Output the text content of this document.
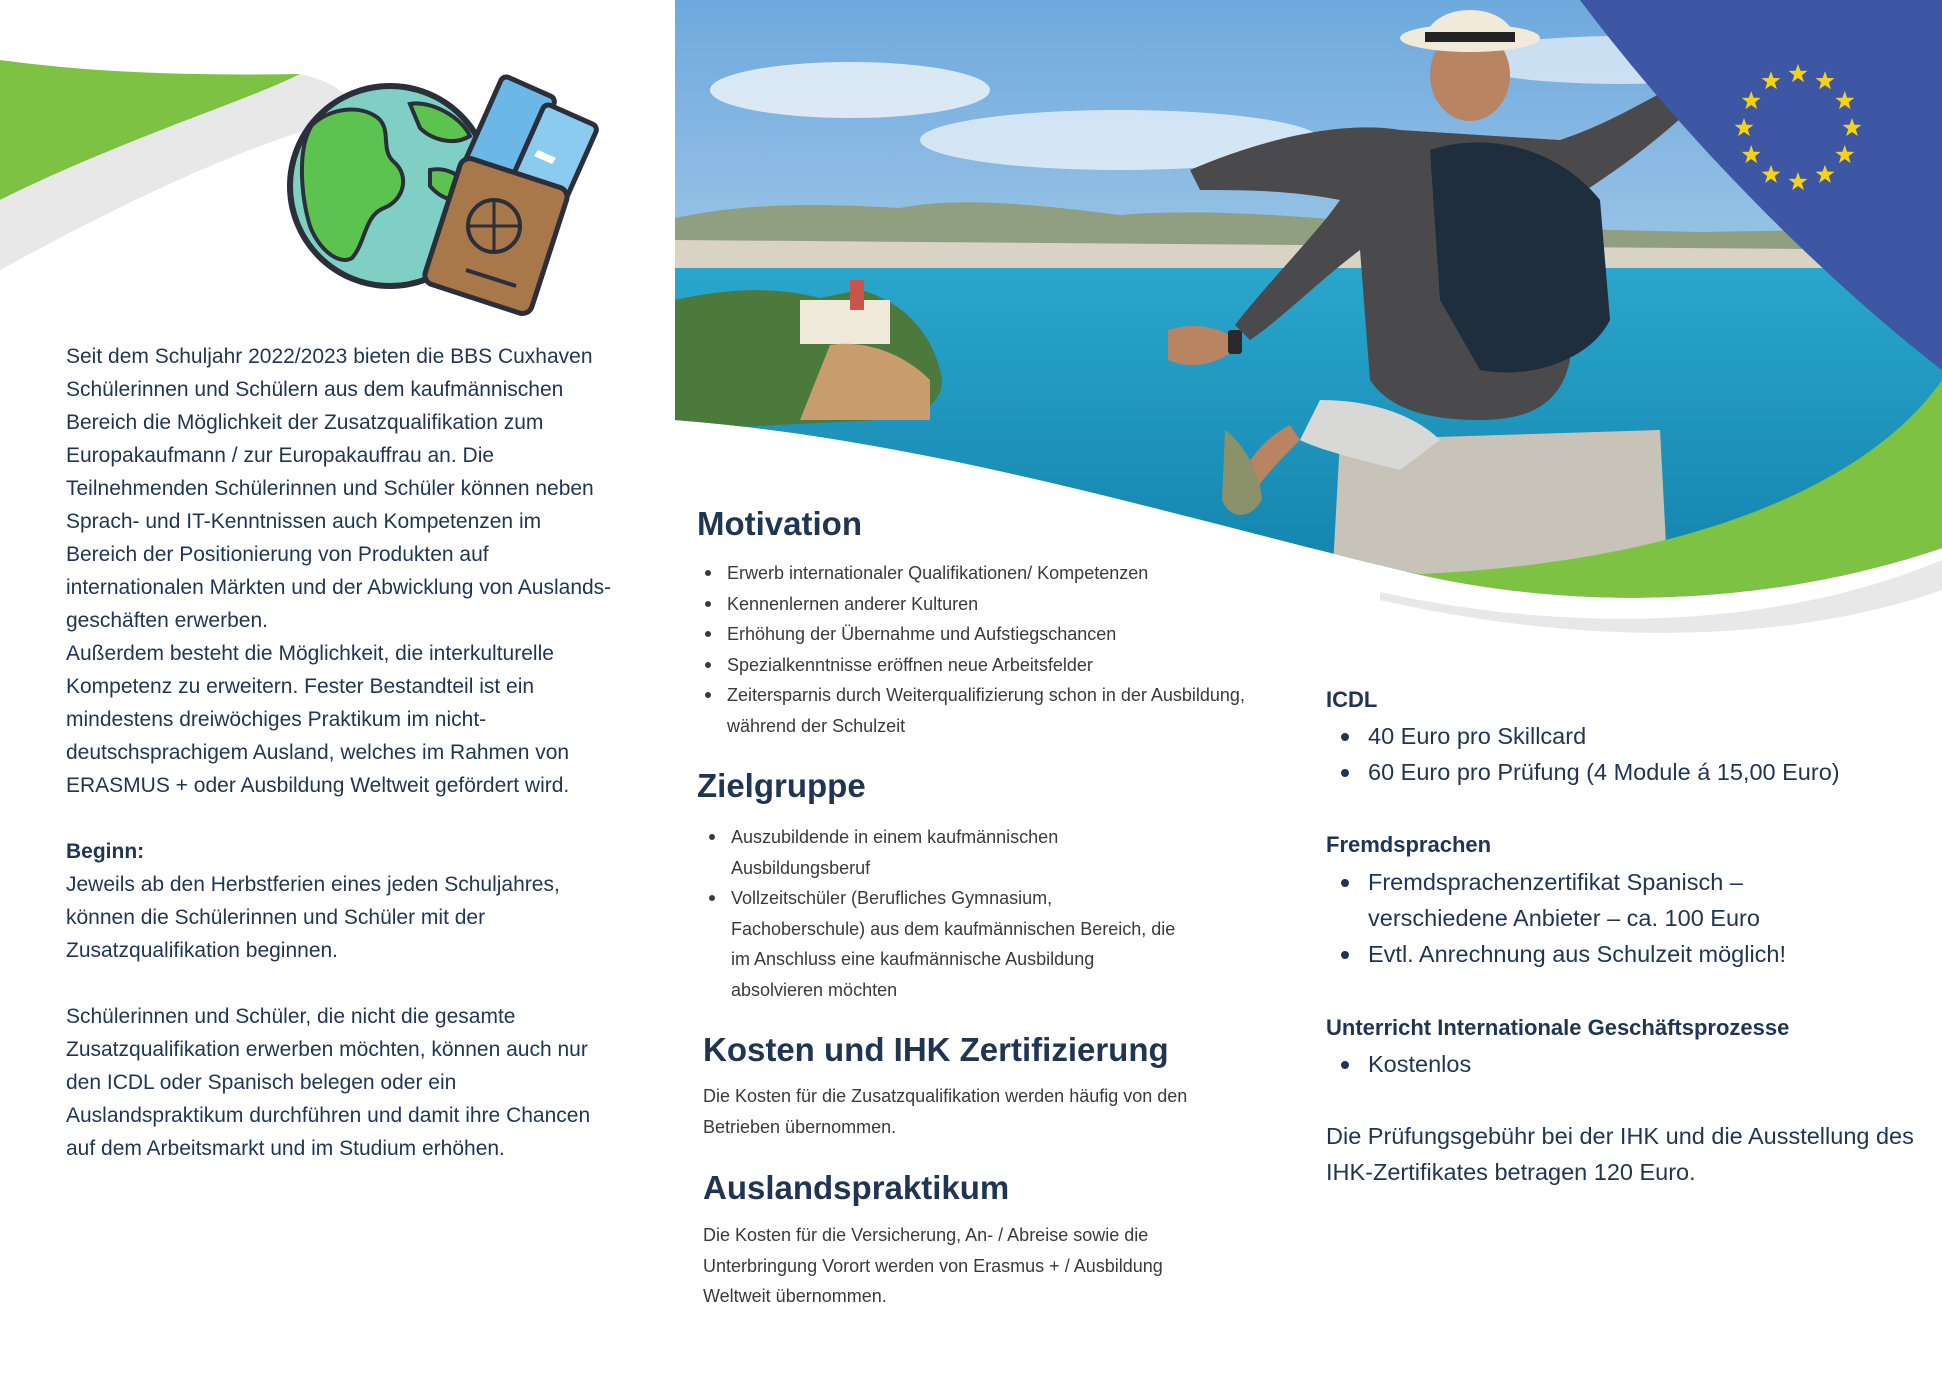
Seit dem Schuljahr 2022/2023 bieten die BBS Cuxhaven Schülerinnen und Schülern aus dem kaufmännischen Bereich die Möglichkeit der Zusatzqualifikation zum Europakaufmann / zur Europakauffrau an. Die Teilnehmenden Schülerinnen und Schüler können neben Sprach- und IT-Kenntnissen auch Kompetenzen im Bereich der Positionierung von Produkten auf internationalen Märkten und der Abwicklung von Auslands-geschäften erwerben.

Außerdem besteht die Möglichkeit, die interkulturelle Kompetenz zu erweitern. Fester Bestandteil ist ein mindestens dreiwöchiges Praktikum im nicht-deutschsprachigem Ausland, welches im Rahmen von ERASMUS + oder Ausbildung Weltweit gefördert wird.

Beginn:

Jeweils ab den Herbstferien eines jeden Schuljahres, können die Schülerinnen und Schüler mit der Zusatzqualifikation beginnen.

Schülerinnen und Schüler, die nicht die gesamte Zusatzqualifikation erwerben möchten, können auch nur den ICDL oder Spanisch belegen oder ein Auslandspraktikum durchführen und damit ihre Chancen auf dem Arbeitsmarkt und im Studium erhöhen.

Motivation
Erwerb internationaler Qualifikationen/ Kompetenzen
Kennenlernen anderer Kulturen
Erhöhung der Übernahme und Aufstiegschancen
Spezialkenntnisse eröffnen neue Arbeitsfelder
Zeitersparnis durch Weiterqualifizierung schon in der Ausbildung, während der Schulzeit
Zielgruppe
Auszubildende in einem kaufmännischen Ausbildungsberuf
Vollzeitschüler (Berufliches Gymnasium, Fachoberschule) aus dem kaufmännischen Bereich, die im Anschluss eine kaufmännische Ausbildung absolvieren möchten
Kosten und IHK Zertifizierung

Die Kosten für die Zusatzqualifikation werden häufig von den Betrieben übernommen.

Auslandspraktikum

Die Kosten für die Versicherung, An- / Abreise sowie die Unterbringung Vorort werden von Erasmus + / Ausbildung Weltweit übernommen.

ICDL
40 Euro pro Skillcard
60 Euro pro Prüfung (4 Module á 15,00 Euro)
Fremdsprachen
Fremdsprachenzertifikat Spanisch – verschiedene Anbieter – ca. 100 Euro
Evtl. Anrechnung aus Schulzeit möglich!
Unterricht Internationale Geschäftsprozesse
Kostenlos

Die Prüfungsgebühr bei der IHK und die Ausstellung des IHK-Zertifikates betragen 120 Euro.
